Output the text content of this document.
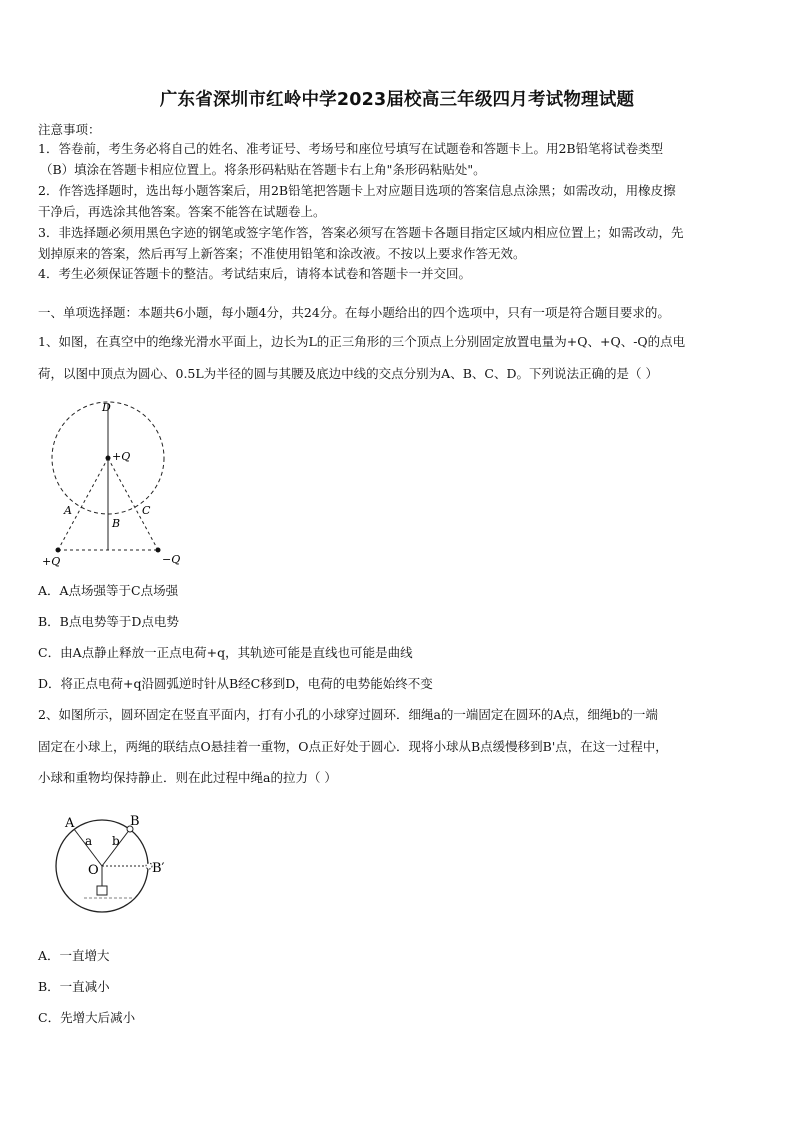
广东省深圳市红岭中学2023届校高三年级四月考试物理试题
注意事项：
1．答卷前，考生务必将自己的姓名、准考证号、考场号和座位号填写在试题卷和答题卡上。用2B铅笔将试卷类型
（B）填涂在答题卡相应位置上。将条形码粘贴在答题卡右上角"条形码粘贴处"。
2．作答选择题时，选出每小题答案后，用2B铅笔把答题卡上对应题目选项的答案信息点涂黑；如需改动，用橡皮擦
干净后，再选涂其他答案。答案不能答在试题卷上。
3．非选择题必须用黑色字迹的钢笔或签字笔作答，答案必须写在答题卡各题目指定区域内相应位置上；如需改动，先
划掉原来的答案，然后再写上新答案；不准使用铅笔和涂改液。不按以上要求作答无效。
4．考生必须保证答题卡的整洁。考试结束后，请将本试卷和答题卡一并交回。
一、单项选择题：本题共6小题，每小题4分，共24分。在每小题给出的四个选项中，只有一项是符合题目要求的。
1、如图，在真空中的绝缘光滑水平面上，边长为L的正三角形的三个顶点上分别固定放置电量为+Q、+Q、-Q的点电
荷，以图中顶点为圆心、0.5L为半径的圆与其腰及底边中线的交点分别为A、B、C、D。下列说法正确的是（ ）
D
+Q
A
B
C
+Q	−Q
A．A点场强等于C点场强
B．B点电势等于D点电势
C．由A点静止释放一正点电荷+q，其轨迹可能是直线也可能是曲线
D．将正点电荷+q沿圆弧逆时针从B经C移到D，电荷的电势能始终不变
2、如图所示，圆环固定在竖直平面内，打有小孔的小球穿过圆环．细绳a的一端固定在圆环的A点，细绳b的一端
固定在小球上，两绳的联结点O悬挂着一重物，O点正好处于圆心．现将小球从B点缓慢移到B'点，在这一过程中，
小球和重物均保持静止．则在此过程中绳a的拉力（ ）
A
a b
B
O	B′
A．一直增大
B．一直减小
C．先增大后减小
